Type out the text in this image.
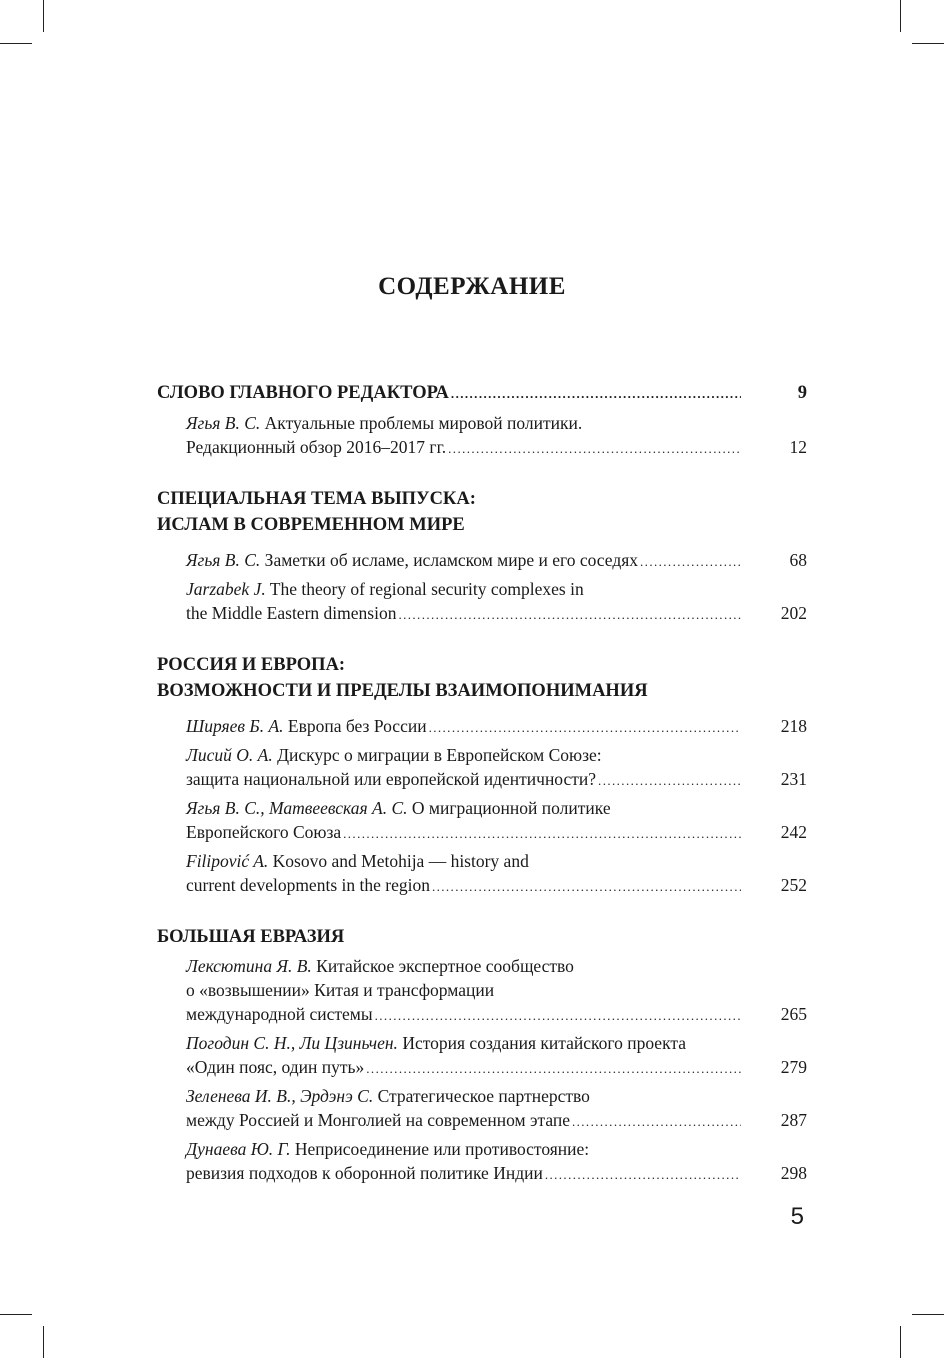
СОДЕРЖАНИЕ
СЛОВО ГЛАВНОГО РЕДАКТОРА .....	9
Ягья В. С. Актуальные проблемы мировой политики.
Редакционный обзор 2016–2017 гг. .....	12
СПЕЦИАЛЬНАЯ ТЕМА ВЫПУСКА:
ИСЛАМ В СОВРЕМЕННОМ МИРЕ
Ягья В. С. Заметки об исламе, исламском мире и его соседях .....	68
Jarzabek J. The theory of regional security complexes in
the Middle Eastern dimension .....	202
РОССИЯ И ЕВРОПА:
ВОЗМОЖНОСТИ И ПРЕДЕЛЫ ВЗАИМОПОНИМАНИЯ
Ширяев Б. А. Европа без России .....	218
Лисий О. А. Дискурс о миграции в Европейском Союзе:
защита национальной или европейской идентичности? .....	231
Ягья В. С., Матвеевская А. С. О миграционной политике
Европейского Союза .....	242
Filipović A. Kosovo and Metohija — history and
current developments in the region .....	252
БОЛЬШАЯ ЕВРАЗИЯ
Лексютина Я. В. Китайское экспертное сообщество
о «возвышении» Китая и трансформации
международной системы .....	265
Погодин С. Н., Ли Цзиньчен. История создания китайского проекта
«Один пояс, один путь» .....	279
Зеленева И. В., Эрдэнэ С. Стратегическое партнерство
между Россией и Монголией на современном этапе .....	287
Дунаева Ю. Г. Неприсоединение или противостояние:
ревизия подходов к оборонной политике Индии .....	298
5
